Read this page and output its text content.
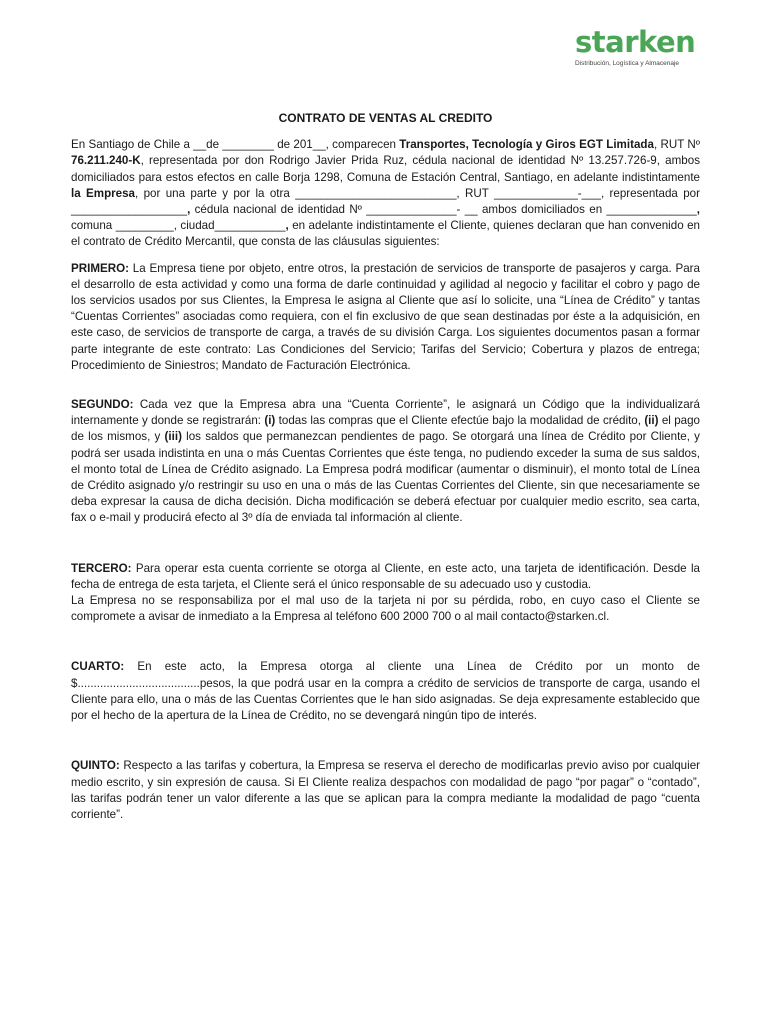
starken
Distribución, Logística y Almacenaje
CONTRATO DE VENTAS AL CREDITO

En Santiago de Chile a __de ________ de 201__, comparecen Transportes, Tecnología y Giros EGT Limitada, RUT Nº 76.211.240-K, representada por don Rodrigo Javier Prida Ruz, cédula nacional de identidad Nº 13.257.726-9, ambos domiciliados para estos efectos en calle Borja 1298, Comuna de Estación Central, Santiago, en adelante indistintamente la Empresa, por una parte y por la otra _________________________, RUT _____________-___, representada por __________________, cédula nacional de identidad Nº ______________- __ ambos domiciliados en ______________, comuna _________, ciudad___________, en adelante indistintamente el Cliente, quienes declaran que han convenido en el contrato de Crédito Mercantil, que consta de las cláusulas siguientes:

PRIMERO: La Empresa tiene por objeto, entre otros, la prestación de servicios de transporte de pasajeros y carga. Para el desarrollo de esta actividad y como una forma de darle continuidad y agilidad al negocio y facilitar el cobro y pago de los servicios usados por sus Clientes, la Empresa le asigna al Cliente que así lo solicite, una “Línea de Crédito” y tantas “Cuentas Corrientes” asociadas como requiera, con el fin exclusivo de que sean destinadas por éste a la adquisición, en este caso, de servicios de transporte de carga, a través de su división Carga. Los siguientes documentos pasan a formar parte integrante de este contrato: Las Condiciones del Servicio; Tarifas del Servicio; Cobertura y plazos de entrega; Procedimiento de Siniestros; Mandato de Facturación Electrónica.

SEGUNDO: Cada vez que la Empresa abra una “Cuenta Corriente”, le asignará un Código que la individualizará internamente y donde se registrarán: (i) todas las compras que el Cliente efectúe bajo la modalidad de crédito, (ii) el pago de los mismos, y (iii) los saldos que permanezcan pendientes de pago. Se otorgará una línea de Crédito por Cliente, y podrá ser usada indistinta en una o más Cuentas Corrientes que éste tenga, no pudiendo exceder la suma de sus saldos, el monto total de Línea de Crédito asignado. La Empresa podrá modificar (aumentar o disminuir), el monto total de Línea de Crédito asignado y/o restringir su uso en una o más de las Cuentas Corrientes del Cliente, sin que necesariamente se deba expresar la causa de dicha decisión. Dicha modificación se deberá efectuar por cualquier medio escrito, sea carta, fax o e-mail y producirá efecto al 3º día de enviada tal información al cliente.

TERCERO: Para operar esta cuenta corriente se otorga al Cliente, en este acto, una tarjeta de identificación. Desde la fecha de entrega de esta tarjeta, el Cliente será el único responsable de su adecuado uso y custodia.

La Empresa no se responsabiliza por el mal uso de la tarjeta ni por su pérdida, robo, en cuyo caso el Cliente se compromete a avisar de inmediato a la Empresa al teléfono 600 2000 700 o al mail contacto@starken.cl.

CUARTO: En este acto, la Empresa otorga al cliente una Línea de Crédito por un monto de $......................................pesos, la que podrá usar en la compra a crédito de servicios de transporte de carga, usando el Cliente para ello, una o más de las Cuentas Corrientes que le han sido asignadas. Se deja expresamente establecido que por el hecho de la apertura de la Línea de Crédito, no se devengará ningún tipo de interés.

QUINTO: Respecto a las tarifas y cobertura, la Empresa se reserva el derecho de modificarlas previo aviso por cualquier medio escrito, y sin expresión de causa. Si El Cliente realiza despachos con modalidad de pago “por pagar” o “contado”, las tarifas podrán tener un valor diferente a las que se aplican para la compra mediante la modalidad de pago “cuenta corriente”.
